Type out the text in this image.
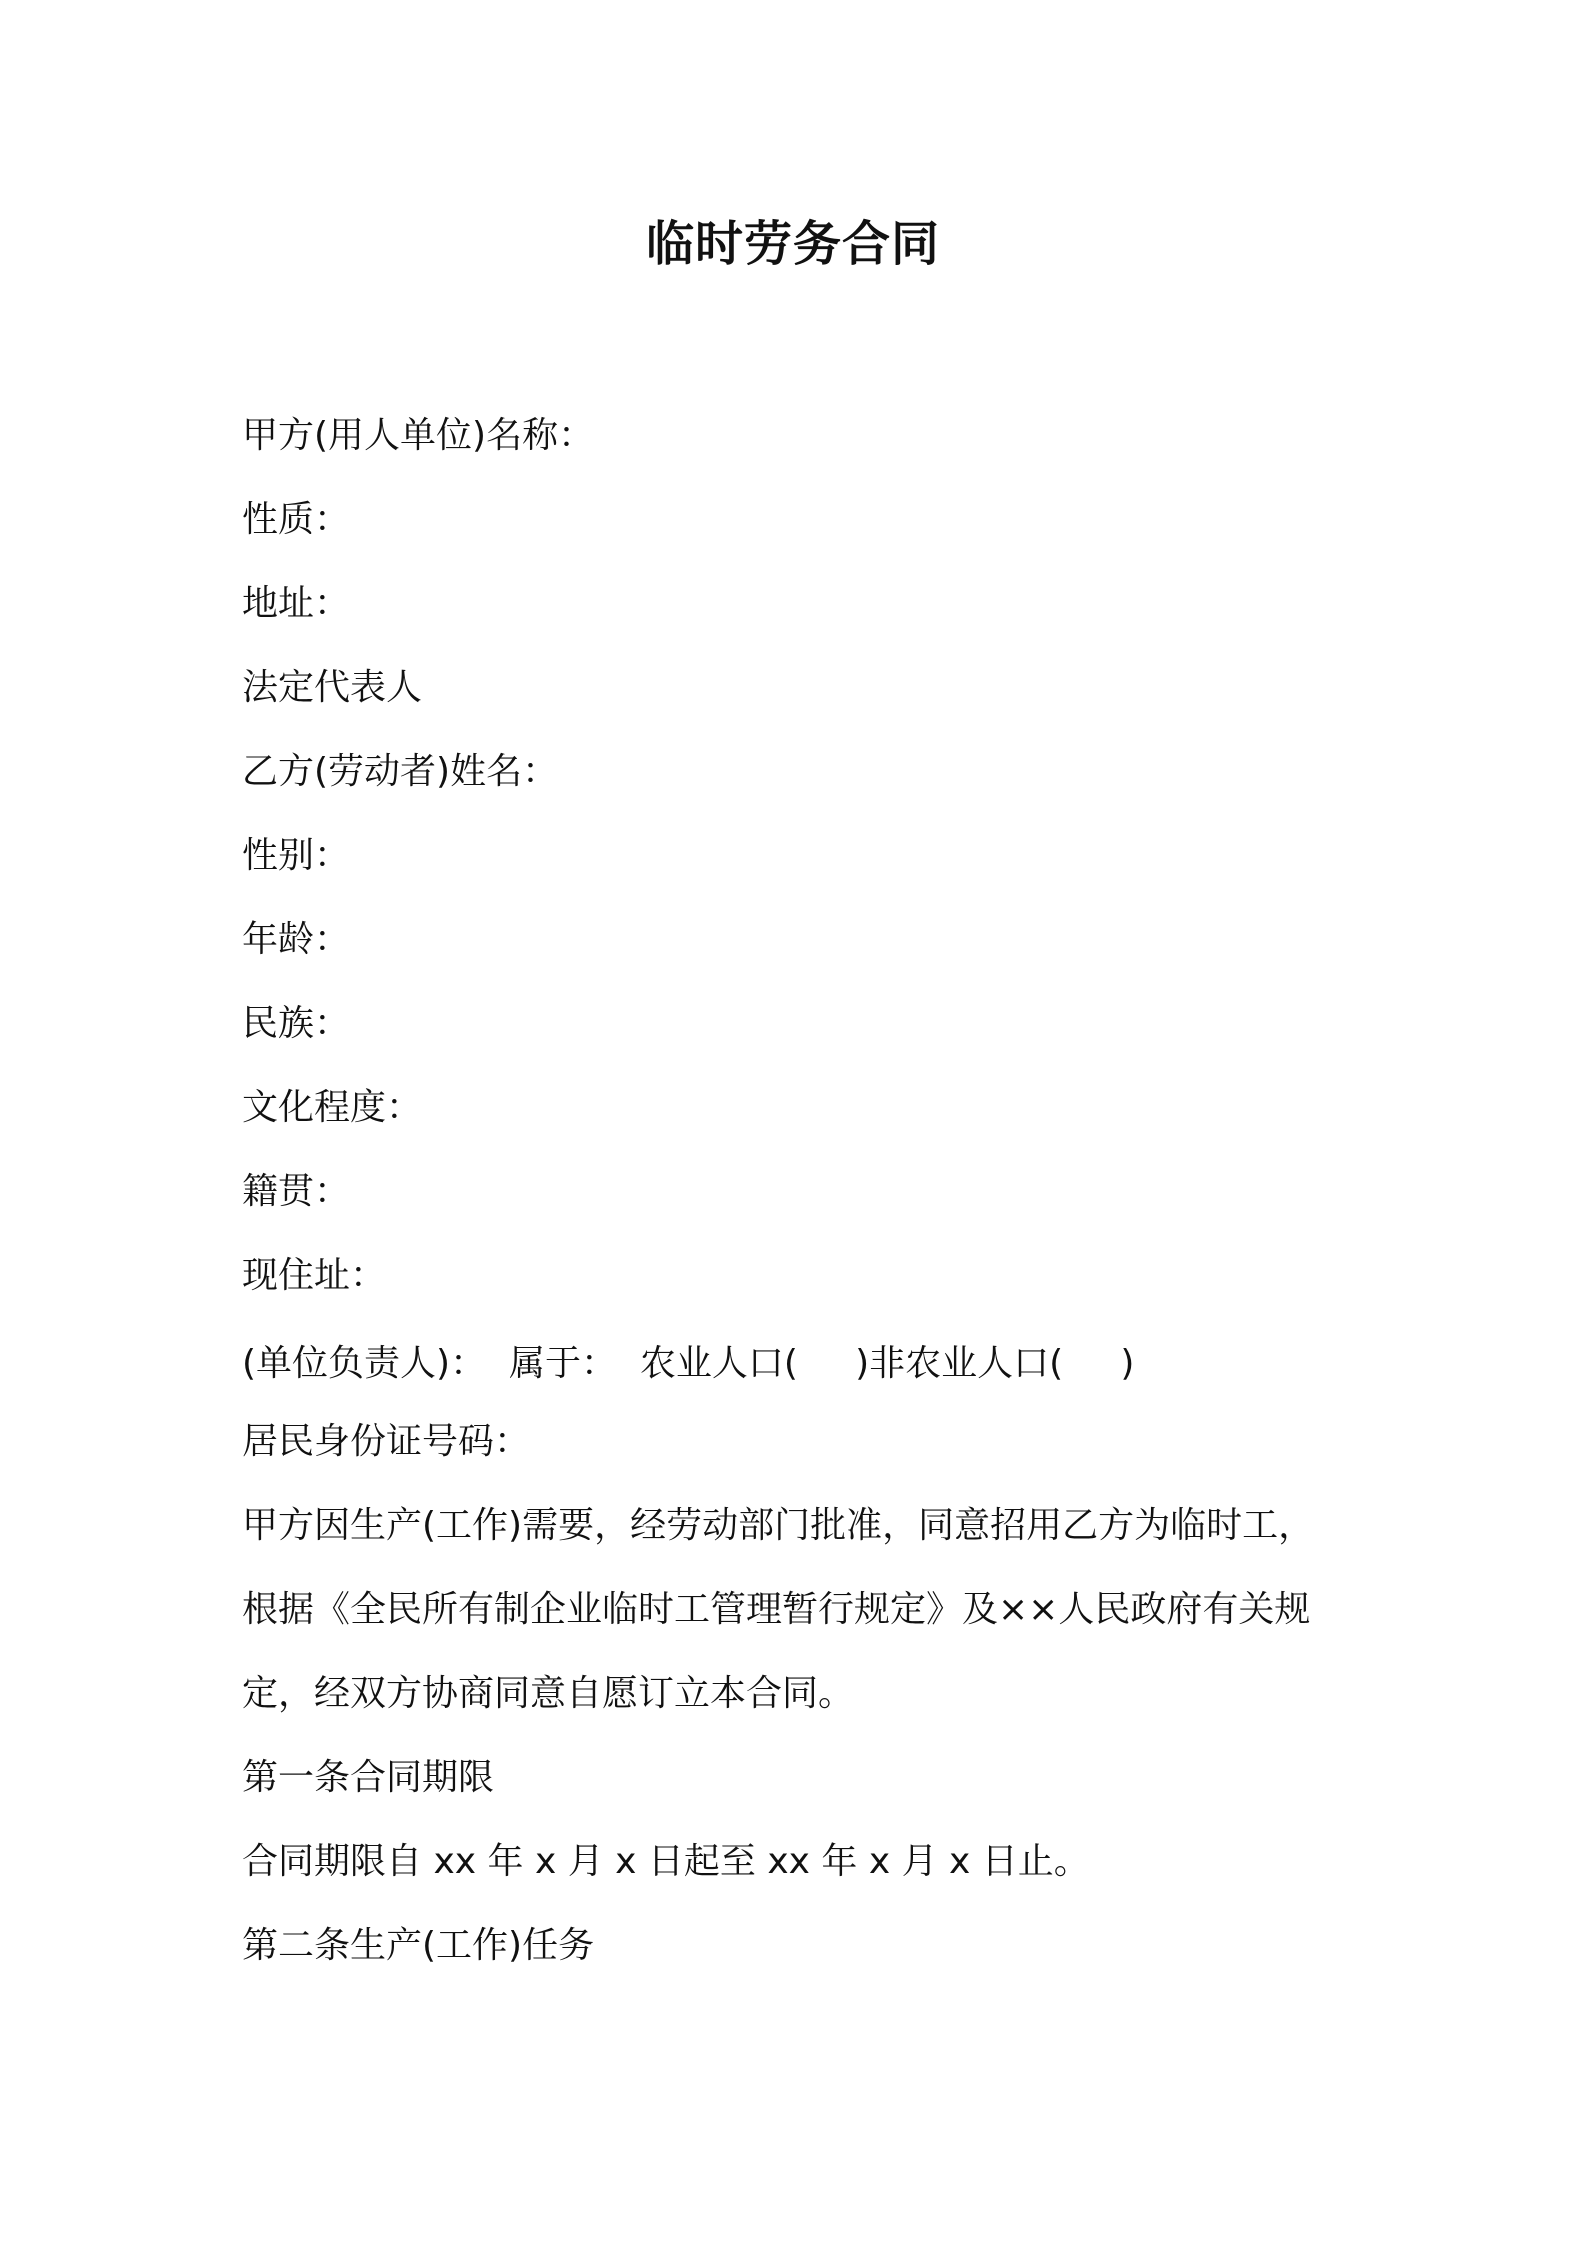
临时劳务合同
甲方(用人单位)名称：
性质：
地址：
法定代表人
乙方(劳动者)姓名：
性别：
年龄：
民族：
文化程度：
籍贯：
现住址：
(单位负责人)：  属于：  农业人口(     )非农业人口(     )
居民身份证号码：
甲方因生产(工作)需要，经劳动部门批准，同意招用乙方为临时工，
根据《全民所有制企业临时工管理暂行规定》及××人民政府有关规
定，经双方协商同意自愿订立本合同。
第一条合同期限
合同期限自 xx 年 x 月 x 日起至 xx 年 x 月 x 日止。
第二条生产(工作)任务
